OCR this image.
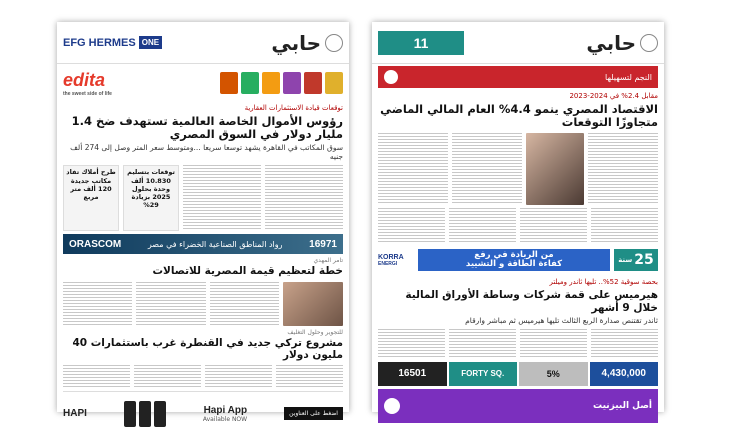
حابي
EFG HERMES ONE
edita
the sweet side of life
توقعات قيادة الاستثمارات العقارية
رؤوس الأموال الخاصة العالمية تستهدف ضخ 1.4 مليار دولار في السوق المصري
سوق المكاتب في القاهرة يشهد توسعا سريعا ...ومتوسط سعر المتر وصل إلى 274 ألف جنيه
توقعات بتسليم 10.830 ألف وحدة بحلول 2025 بزيادة 29%
طرح أملاك تفاد مكاتب جديدة 120 ألف متر مربع
ORASCOM	رواد المناطق الصناعية الخضراء في مصر	16971
تامر المهدي
خطة لتعظيم قيمة المصرية للاتصالات
للتجوير وحلول التغليف
مشروع تركي جديد في القنطرة غرب باستثمارات 40 مليون دولار
HAPI	Hapi App
Available NOW
اضغط على العناوين
حابي
11
النجم لتسهيلها
مقابل 2.4% في 2024-2023
الاقتصاد المصري ينمو 4.4% العام المالي الماضي متجاوزًا التوقعات
25
سنة
من الريادة في رفع
كفاءة الطاقة و التشييد
KORRA
ENERGI
بحصة سوقية 52%.. تليها ثاندر وميلتر
هيرميس على قمة شركات وساطة الأوراق المالية خلال 9 أشهر
ثاندر تقتنص صدارة الربع الثالث تليها هيرميس ثم مباشر وارقام
16501	FORTY SQ.	5%	4,430,000
أصل البيزنيت
